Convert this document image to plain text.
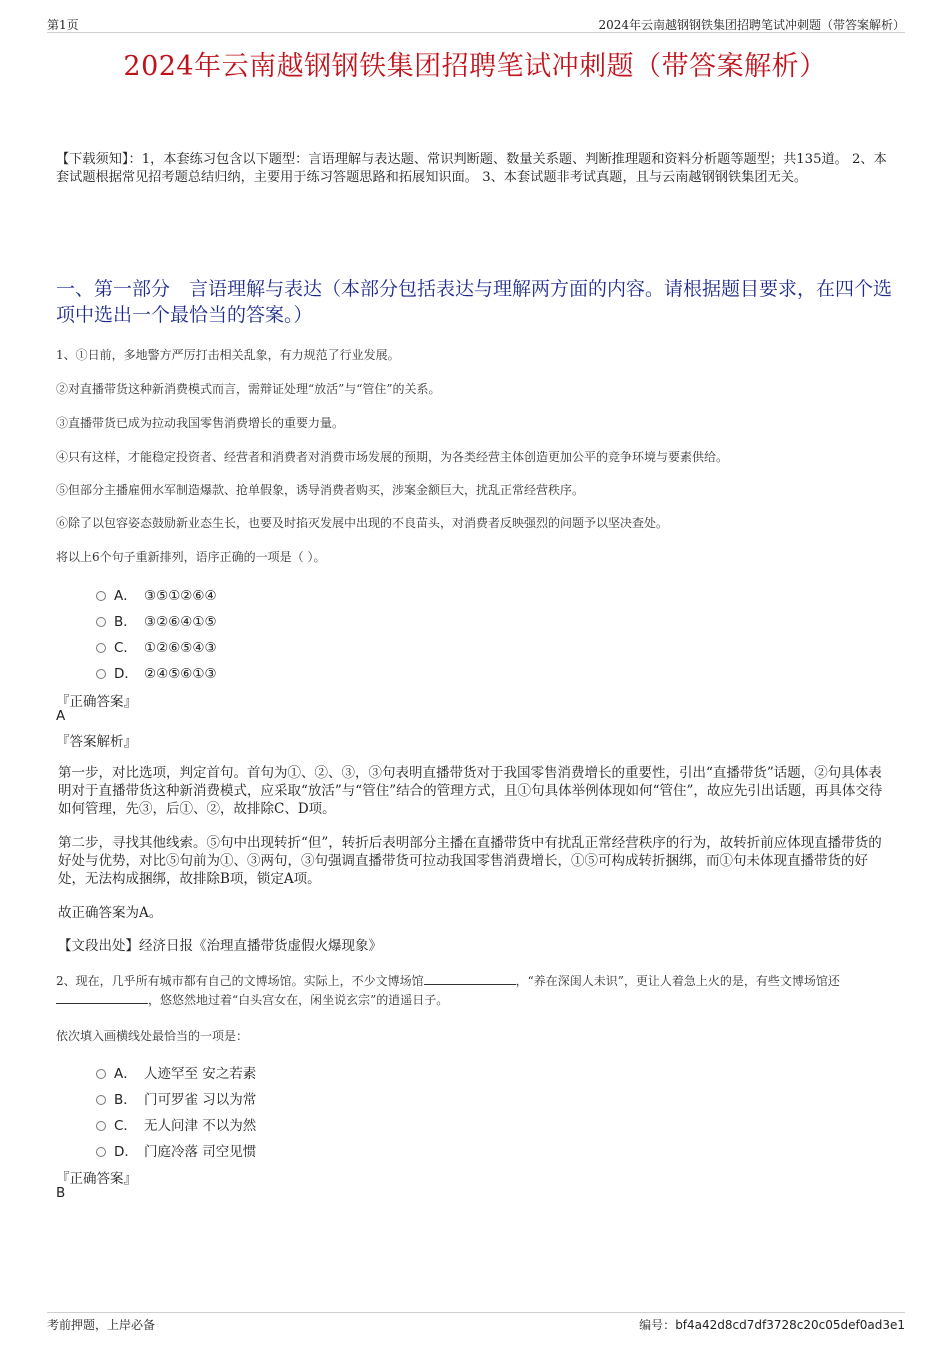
第1页	2024年云南越钢钢铁集团招聘笔试冲刺题（带答案解析）
2024年云南越钢钢铁集团招聘笔试冲刺题（带答案解析）
【下载须知】：1，本套练习包含以下题型：言语理解与表达题、常识判断题、数量关系题、判断推理题和资料分析题等题型；共135道。 2、本套试题根据常见招考题总结归纳，主要用于练习答题思路和拓展知识面。 3、本套试题非考试真题，且与云南越钢钢铁集团无关。
一、第一部分　言语理解与表达（本部分包括表达与理解两方面的内容。请根据题目要求，在四个选项中选出一个最恰当的答案。）
1、①日前，多地警方严厉打击相关乱象，有力规范了行业发展。
②对直播带货这种新消费模式而言，需辩证处理“放活”与“管住”的关系。
③直播带货已成为拉动我国零售消费增长的重要力量。
④只有这样，才能稳定投资者、经营者和消费者对消费市场发展的预期，为各类经营主体创造更加公平的竞争环境与要素供给。
⑤但部分主播雇佣水军制造爆款、抢单假象，诱导消费者购买，涉案金额巨大，扰乱正常经营秩序。
⑥除了以包容姿态鼓励新业态生长，也要及时掐灭发展中出现的不良苗头，对消费者反映强烈的问题予以坚决查处。
将以上6个句子重新排列，语序正确的一项是（ ）。
A． ③⑤①②⑥④
B． ③②⑥④①⑤
C． ①②⑥⑤④③
D． ②④⑤⑥①③
『正确答案』
A
『答案解析』
第一步，对比选项，判定首句。首句为①、②、③，③句表明直播带货对于我国零售消费增长的重要性，引出“直播带货”话题，②句具体表明对于直播带货这种新消费模式，应采取“放活”与“管住”结合的管理方式，且①句具体举例体现如何“管住”，故应先引出话题，再具体交待如何管理，先③，后①、②，故排除C、D项。
第二步，寻找其他线索。⑤句中出现转折“但”，转折后表明部分主播在直播带货中有扰乱正常经营秩序的行为，故转折前应体现直播带货的好处与优势，对比⑤句前为①、③两句，③句强调直播带货可拉动我国零售消费增长，①⑤可构成转折捆绑，而①句未体现直播带货的好处，无法构成捆绑，故排除B项，锁定A项。
故正确答案为A。
【文段出处】经济日报《治理直播带货虚假火爆现象》
2、现在，几乎所有城市都有自己的文博场馆。实际上，不少文博场馆	，“养在深闺人未识”，更让人着急上火的是，有些文博场馆还，悠悠然地过着“白头宫女在，闲坐说玄宗”的逍遥日子。
依次填入画横线处最恰当的一项是：
A． 人迹罕至 安之若素
B． 门可罗雀 习以为常
C． 无人问津 不以为然
D． 门庭冷落 司空见惯
『正确答案』
B
考前押题，上岸必备	编号：bf4a42d8cd7df3728c20c05def0ad3e1
